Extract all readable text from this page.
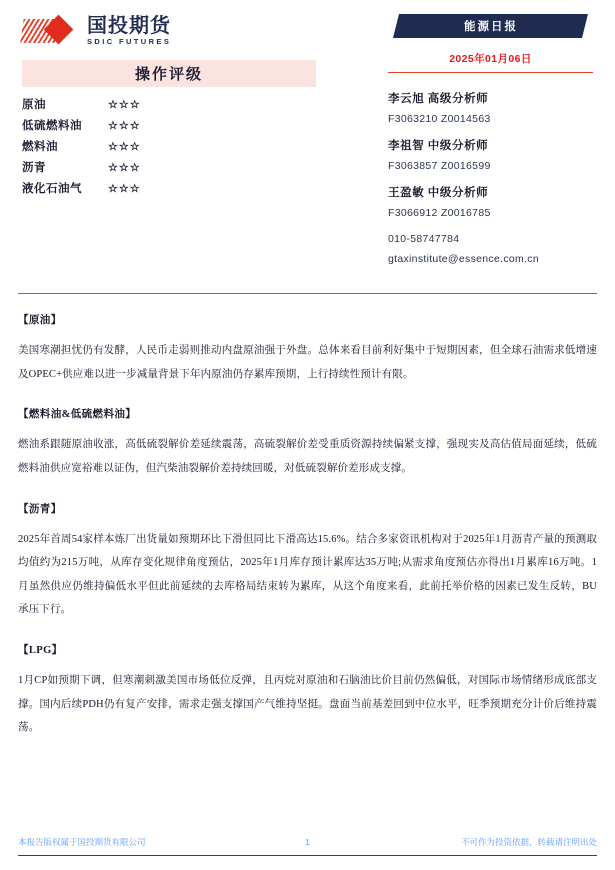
国投期货
SDIC FUTURES
操作评级
原油	☆☆☆
低硫燃料油	☆☆☆
燃料油	☆☆☆
沥青	☆☆☆
液化石油气	☆☆☆
能源日报
2025年01月06日
李云旭 高级分析师
F3063210 Z0014563
李祖智 中级分析师
F3063857 Z0016599
王盈敏 中级分析师
F3066912 Z0016785
010-58747784
gtaxinstitute@essence.com.cn
【原油】
美国寒潮担忧仍有发酵，人民币走弱则推动内盘原油强于外盘。总体来看目前利好集中于短期因素，但全球石油需求低增速及OPEC+供应难以进一步减量背景下年内原油仍存累库预期，上行持续性预计有限。
【燃料油&低硫燃料油】
燃油系跟随原油收涨，高低硫裂解价差延续震荡，高硫裂解价差受重质资源持续偏紧支撑，强现实及高估值局面延续，低硫燃料油供应宽裕难以证伪，但汽柴油裂解价差持续回暖，对低硫裂解价差形成支撑。
【沥青】
2025年首周54家样本炼厂出货量如预期环比下滑但同比下滑高达15.6%。结合多家资讯机构对于2025年1月沥青产量的预测取均值约为215万吨，从库存变化规律角度预估，2025年1月库存预计累库达35万吨;从需求角度预估亦得出1月累库16万吨。1月虽然供应仍维持偏低水平但此前延续的去库格局结束转为累库，从这个角度来看，此前托举价格的因素已发生反转，BU承压下行。
【LPG】
1月CP如预期下调，但寒潮刺激美国市场低位反弹，且丙烷对原油和石脑油比价目前仍然偏低，对国际市场情绪形成底部支撑。国内后续PDH仍有复产安排，需求走强支撑国产气维持坚挺。盘面当前基差回到中位水平，旺季预期充分计价后维持震荡。
本报告版权属于国投期货有限公司	1	不可作为投资依据，转载请注明出处
